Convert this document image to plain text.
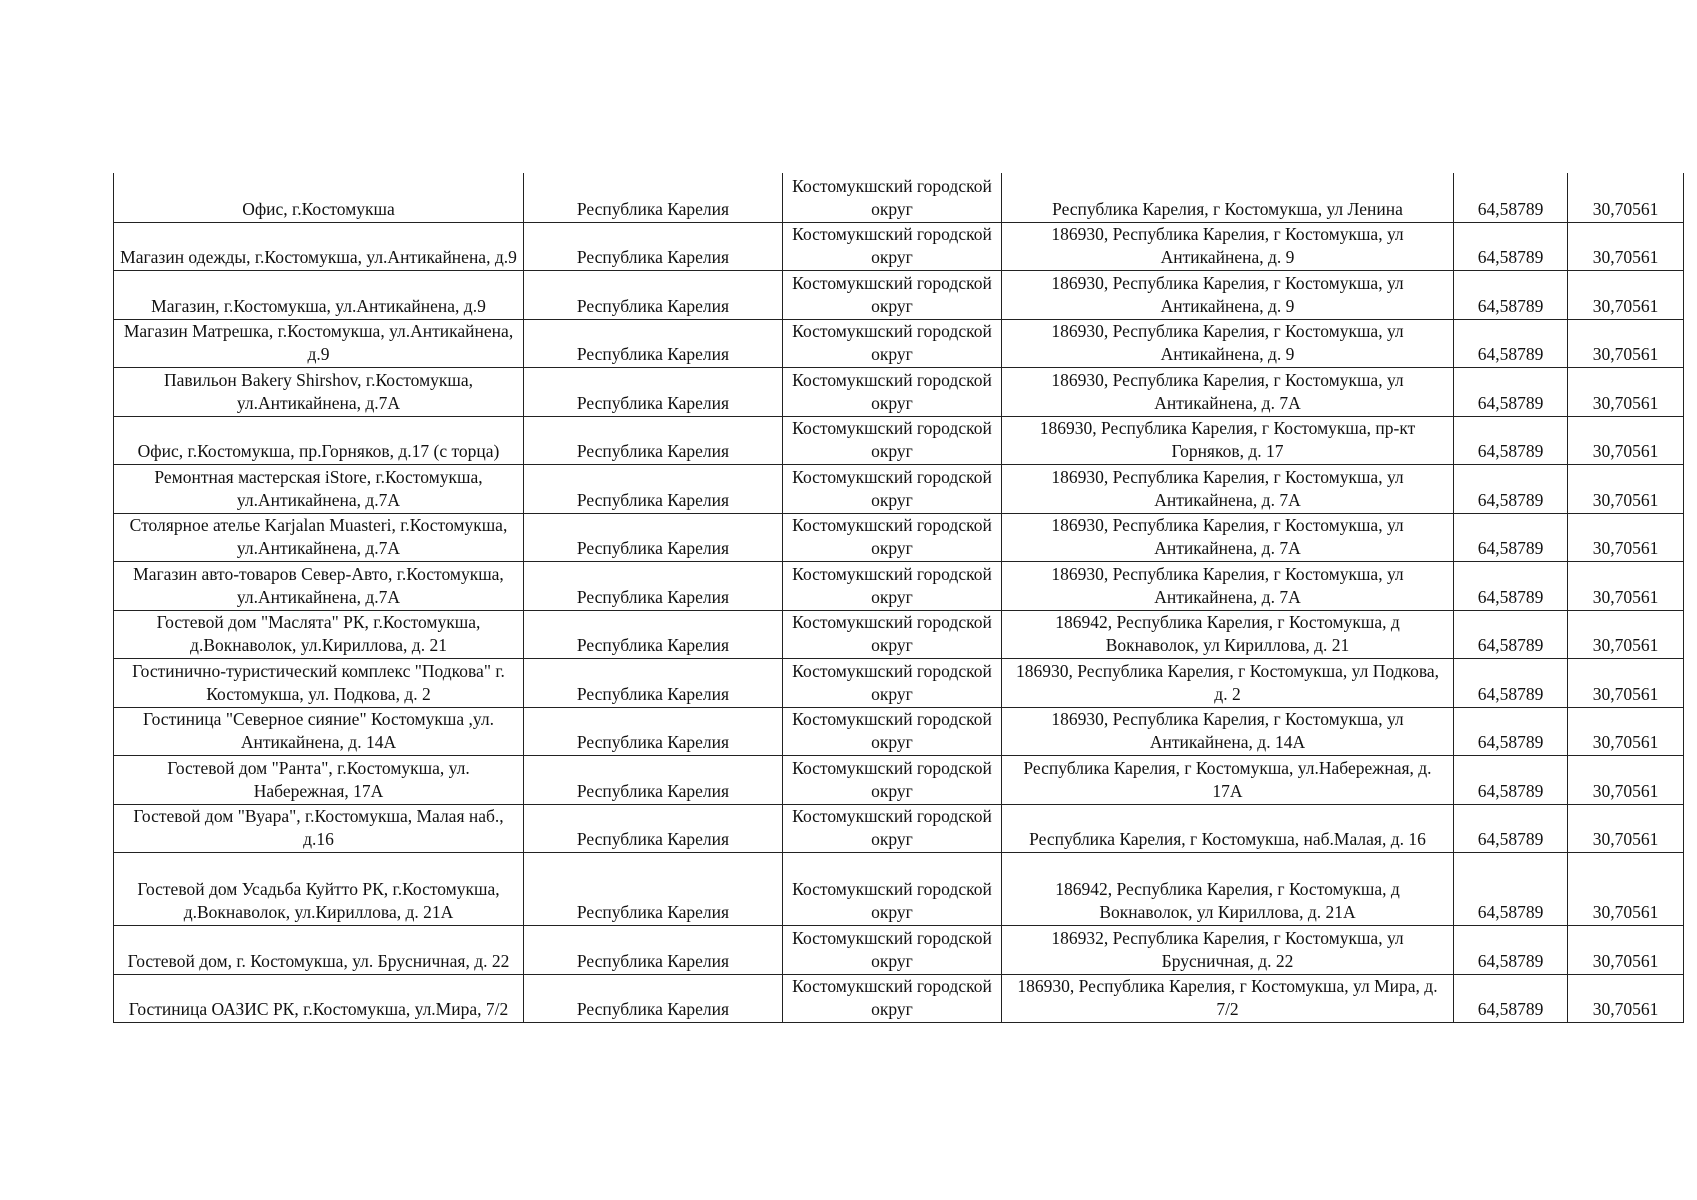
Офис, г.Костомукша	Республика Карелия	Костомукшский городской округ	Республика Карелия, г Костомукша, ул Ленина	64,58789	30,70561
Магазин одежды, г.Костомукша, ул.Антикайнена, д.9	Республика Карелия	Костомукшский городской округ	186930, Республика Карелия, г Костомукша, ул Антикайнена, д. 9	64,58789	30,70561
Магазин, г.Костомукша, ул.Антикайнена, д.9	Республика Карелия	Костомукшский городской округ	186930, Республика Карелия, г Костомукша, ул Антикайнена, д. 9	64,58789	30,70561
Магазин Матрешка, г.Костомукша, ул.Антикайнена, д.9	Республика Карелия	Костомукшский городской округ	186930, Республика Карелия, г Костомукша, ул Антикайнена, д. 9	64,58789	30,70561
Павильон Bakery Shirshov, г.Костомукша, ул.Антикайнена, д.7А	Республика Карелия	Костомукшский городской округ	186930, Республика Карелия, г Костомукша, ул Антикайнена, д. 7А	64,58789	30,70561
Офис, г.Костомукша, пр.Горняков, д.17 (с торца)	Республика Карелия	Костомукшский городской округ	186930, Республика Карелия, г Костомукша, пр-кт Горняков, д. 17	64,58789	30,70561
Ремонтная мастерская iStore, г.Костомукша, ул.Антикайнена, д.7А	Республика Карелия	Костомукшский городской округ	186930, Республика Карелия, г Костомукша, ул Антикайнена, д. 7А	64,58789	30,70561
Столярное ателье Karjalan Muasteri, г.Костомукша, ул.Антикайнена, д.7А	Республика Карелия	Костомукшский городской округ	186930, Республика Карелия, г Костомукша, ул Антикайнена, д. 7А	64,58789	30,70561
Магазин авто-товаров Север-Авто, г.Костомукша, ул.Антикайнена, д.7А	Республика Карелия	Костомукшский городской округ	186930, Республика Карелия, г Костомукша, ул Антикайнена, д. 7А	64,58789	30,70561
Гостевой дом "Маслята" РК, г.Костомукша, д.Вокнаволок, ул.Кириллова, д. 21	Республика Карелия	Костомукшский городской округ	186942, Республика Карелия, г Костомукша, д Вокнаволок, ул Кириллова, д. 21	64,58789	30,70561
Гостинично-туристический комплекс "Подкова" г. Костомукша, ул. Подкова, д. 2	Республика Карелия	Костомукшский городской округ	186930, Республика Карелия, г Костомукша, ул Подкова, д. 2	64,58789	30,70561
Гостиница "Северное сияние" Костомукша ,ул. Антикайнена, д. 14А	Республика Карелия	Костомукшский городской округ	186930, Республика Карелия, г Костомукша, ул Антикайнена, д. 14А	64,58789	30,70561
Гостевой дом "Ранта", г.Костомукша, ул. Набережная, 17А	Республика Карелия	Костомукшский городской округ	Республика Карелия, г Костомукша, ул.Набережная, д. 17А	64,58789	30,70561
Гостевой дом "Вуара", г.Костомукша, Малая наб., д.16	Республика Карелия	Костомукшский городской округ	Республика Карелия, г Костомукша, наб.Малая, д. 16	64,58789	30,70561
Гостевой дом Усадьба Куйтто РК, г.Костомукша, д.Вокнаволок, ул.Кириллова, д. 21А	Республика Карелия	Костомукшский городской округ	186942, Республика Карелия, г Костомукша, д Вокнаволок, ул Кириллова, д. 21А	64,58789	30,70561
Гостевой дом, г. Костомукша, ул. Брусничная, д. 22	Республика Карелия	Костомукшский городской округ	186932, Республика Карелия, г Костомукша, ул Брусничная, д. 22	64,58789	30,70561
Гостиница ОАЗИС РК, г.Костомукша, ул.Мира, 7/2	Республика Карелия	Костомукшский городской округ	186930, Республика Карелия, г Костомукша, ул Мира, д. 7/2	64,58789	30,70561
